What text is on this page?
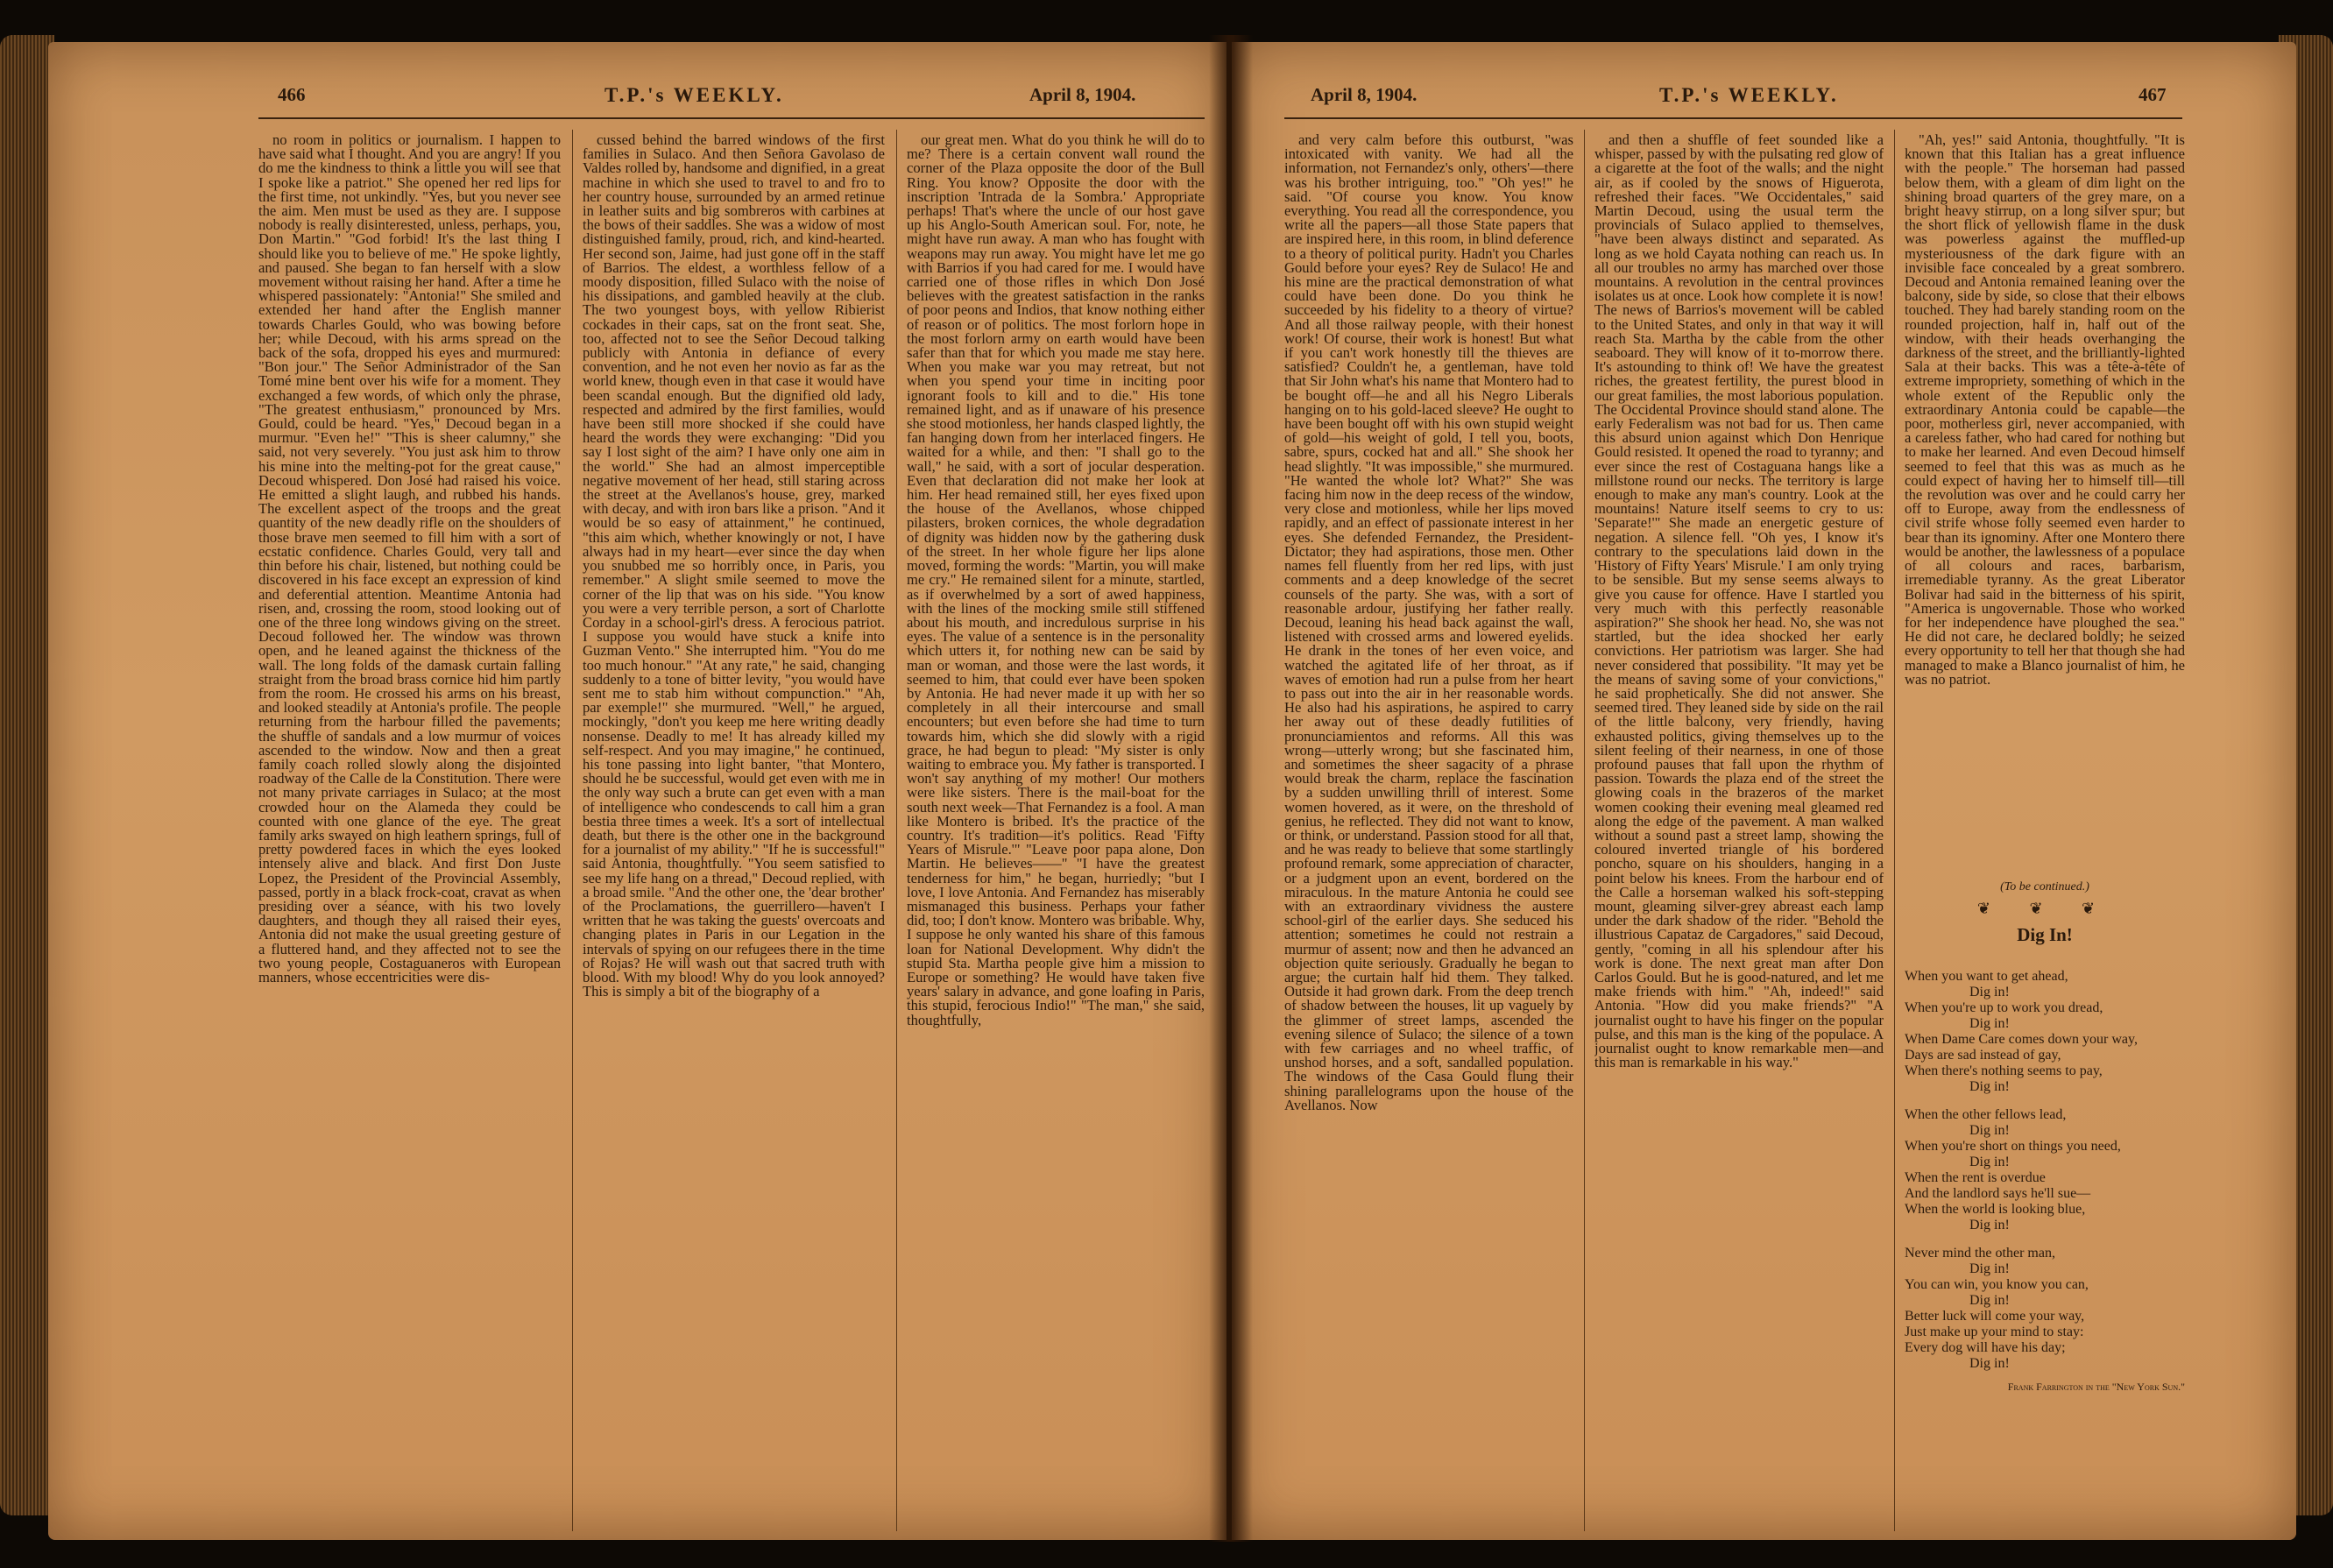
466	T.P.'s WEEKLY.	April 8, 1904.

no room in politics or journalism. I happen to have said what I thought. And you are angry! If you do me the kindness to think a little you will see that I spoke like a patriot." She opened her red lips for the first time, not unkindly. "Yes, but you never see the aim. Men must be used as they are. I suppose nobody is really disinterested, unless, perhaps, you, Don Martin." "God forbid! It's the last thing I should like you to believe of me." He spoke lightly, and paused. She began to fan herself with a slow movement without raising her hand. After a time he whispered passionately: "Antonia!" She smiled and extended her hand after the English manner towards Charles Gould, who was bowing before her; while Decoud, with his arms spread on the back of the sofa, dropped his eyes and murmured: "Bon jour." The Señor Administrador of the San Tomé mine bent over his wife for a moment. They exchanged a few words, of which only the phrase, "The greatest enthusiasm," pronounced by Mrs. Gould, could be heard. "Yes," Decoud began in a murmur. "Even he!" "This is sheer calumny," she said, not very severely. "You just ask him to throw his mine into the melting-pot for the great cause," Decoud whispered. Don José had raised his voice. He emitted a slight laugh, and rubbed his hands. The excellent aspect of the troops and the great quantity of the new deadly rifle on the shoulders of those brave men seemed to fill him with a sort of ecstatic confidence. Charles Gould, very tall and thin before his chair, listened, but nothing could be discovered in his face except an expression of kind and deferential attention. Meantime Antonia had risen, and, crossing the room, stood looking out of one of the three long windows giving on the street. Decoud followed her. The window was thrown open, and he leaned against the thickness of the wall. The long folds of the damask curtain falling straight from the broad brass cornice hid him partly from the room. He crossed his arms on his breast, and looked steadily at Antonia's profile. The people returning from the harbour filled the pavements; the shuffle of sandals and a low murmur of voices ascended to the window. Now and then a great family coach rolled slowly along the disjointed roadway of the Calle de la Constitution. There were not many private carriages in Sulaco; at the most crowded hour on the Alameda they could be counted with one glance of the eye. The great family arks swayed on high leathern springs, full of pretty powdered faces in which the eyes looked intensely alive and black. And first Don Juste Lopez, the President of the Provincial Assembly, passed, portly in a black frock-coat, cravat as when presiding over a séance, with his two lovely daughters, and though they all raised their eyes, Antonia did not make the usual greeting gesture of a fluttered hand, and they affected not to see the two young people, Costaguaneros with European manners, whose eccentricities were dis-

cussed behind the barred windows of the first families in Sulaco. And then Señora Gavolaso de Valdes rolled by, handsome and dignified, in a great machine in which she used to travel to and fro to her country house, surrounded by an armed retinue in leather suits and big sombreros with carbines at the bows of their saddles. She was a widow of most distinguished family, proud, rich, and kind-hearted. Her second son, Jaime, had just gone off in the staff of Barrios. The eldest, a worthless fellow of a moody disposition, filled Sulaco with the noise of his dissipations, and gambled heavily at the club. The two youngest boys, with yellow Ribierist cockades in their caps, sat on the front seat. She, too, affected not to see the Señor Decoud talking publicly with Antonia in defiance of every convention, and he not even her novio as far as the world knew, though even in that case it would have been scandal enough. But the dignified old lady, respected and admired by the first families, would have been still more shocked if she could have heard the words they were exchanging: "Did you say I lost sight of the aim? I have only one aim in the world." She had an almost imperceptible negative movement of her head, still staring across the street at the Avellanos's house, grey, marked with decay, and with iron bars like a prison. "And it would be so easy of attainment," he continued, "this aim which, whether knowingly or not, I have always had in my heart—ever since the day when you snubbed me so horribly once, in Paris, you remember." A slight smile seemed to move the corner of the lip that was on his side. "You know you were a very terrible person, a sort of Charlotte Corday in a school-girl's dress. A ferocious patriot. I suppose you would have stuck a knife into Guzman Vento." She interrupted him. "You do me too much honour." "At any rate," he said, changing suddenly to a tone of bitter levity, "you would have sent me to stab him without compunction." "Ah, par exemple!" she murmured. "Well," he argued, mockingly, "don't you keep me here writing deadly nonsense. Deadly to me! It has already killed my self-respect. And you may imagine," he continued, his tone passing into light banter, "that Montero, should he be successful, would get even with me in the only way such a brute can get even with a man of intelligence who condescends to call him a gran bestia three times a week. It's a sort of intellectual death, but there is the other one in the background for a journalist of my ability." "If he is successful!" said Antonia, thoughtfully. "You seem satisfied to see my life hang on a thread," Decoud replied, with a broad smile. "And the other one, the 'dear brother' of the Proclamations, the guerrillero—haven't I written that he was taking the guests' overcoats and changing plates in Paris in our Legation in the intervals of spying on our refugees there in the time of Rojas? He will wash out that sacred truth with blood. With my blood! Why do you look annoyed? This is simply a bit of the biography of a

our great men. What do you think he will do to me? There is a certain convent wall round the corner of the Plaza opposite the door of the Bull Ring. You know? Opposite the door with the inscription 'Intrada de la Sombra.' Appropriate perhaps! That's where the uncle of our host gave up his Anglo-South American soul. For, note, he might have run away. A man who has fought with weapons may run away. You might have let me go with Barrios if you had cared for me. I would have carried one of those rifles in which Don José believes with the greatest satisfaction in the ranks of poor peons and Indios, that know nothing either of reason or of politics. The most forlorn hope in the most forlorn army on earth would have been safer than that for which you made me stay here. When you make war you may retreat, but not when you spend your time in inciting poor ignorant fools to kill and to die." His tone remained light, and as if unaware of his presence she stood motionless, her hands clasped lightly, the fan hanging down from her interlaced fingers. He waited for a while, and then: "I shall go to the wall," he said, with a sort of jocular desperation. Even that declaration did not make her look at him. Her head remained still, her eyes fixed upon the house of the Avellanos, whose chipped pilasters, broken cornices, the whole degradation of dignity was hidden now by the gathering dusk of the street. In her whole figure her lips alone moved, forming the words: "Martin, you will make me cry." He remained silent for a minute, startled, as if overwhelmed by a sort of awed happiness, with the lines of the mocking smile still stiffened about his mouth, and incredulous surprise in his eyes. The value of a sentence is in the personality which utters it, for nothing new can be said by man or woman, and those were the last words, it seemed to him, that could ever have been spoken by Antonia. He had never made it up with her so completely in all their intercourse and small encounters; but even before she had time to turn towards him, which she did slowly with a rigid grace, he had begun to plead: "My sister is only waiting to embrace you. My father is transported. I won't say anything of my mother! Our mothers were like sisters. There is the mail-boat for the south next week—That Fernandez is a fool. A man like Montero is bribed. It's the practice of the country. It's tradition—it's politics. Read 'Fifty Years of Misrule.'" "Leave poor papa alone, Don Martin. He believes——" "I have the greatest tenderness for him," he began, hurriedly; "but I love, I love Antonia. And Fernandez has miserably mismanaged this business. Perhaps your father did, too; I don't know. Montero was bribable. Why, I suppose he only wanted his share of this famous loan for National Development. Why didn't the stupid Sta. Martha people give him a mission to Europe or something? He would have taken five years' salary in advance, and gone loafing in Paris, this stupid, ferocious Indio!" "The man," she said, thoughtfully,

April 8, 1904.	T.P.'s WEEKLY.	467

and very calm before this outburst, "was intoxicated with vanity. We had all the information, not Fernandez's only, others'—there was his brother intriguing, too." "Oh yes!" he said. "Of course you know. You know everything. You read all the correspondence, you write all the papers—all those State papers that are inspired here, in this room, in blind deference to a theory of political purity. Hadn't you Charles Gould before your eyes? Rey de Sulaco! He and his mine are the practical demonstration of what could have been done. Do you think he succeeded by his fidelity to a theory of virtue? And all those railway people, with their honest work! Of course, their work is honest! But what if you can't work honestly till the thieves are satisfied? Couldn't he, a gentleman, have told that Sir John what's his name that Montero had to be bought off—he and all his Negro Liberals hanging on to his gold-laced sleeve? He ought to have been bought off with his own stupid weight of gold—his weight of gold, I tell you, boots, sabre, spurs, cocked hat and all." She shook her head slightly. "It was impossible," she murmured. "He wanted the whole lot? What?" She was facing him now in the deep recess of the window, very close and motionless, while her lips moved rapidly, and an effect of passionate interest in her eyes. She defended Fernandez, the President-Dictator; they had aspirations, those men. Other names fell fluently from her red lips, with just comments and a deep knowledge of the secret counsels of the party. She was, with a sort of reasonable ardour, justifying her father really. Decoud, leaning his head back against the wall, listened with crossed arms and lowered eyelids. He drank in the tones of her even voice, and watched the agitated life of her throat, as if waves of emotion had run a pulse from her heart to pass out into the air in her reasonable words. He also had his aspirations, he aspired to carry her away out of these deadly futilities of pronunciamientos and reforms. All this was wrong—utterly wrong; but she fascinated him, and sometimes the sheer sagacity of a phrase would break the charm, replace the fascination by a sudden unwilling thrill of interest. Some women hovered, as it were, on the threshold of genius, he reflected. They did not want to know, or think, or understand. Passion stood for all that, and he was ready to believe that some startlingly profound remark, some appreciation of character, or a judgment upon an event, bordered on the miraculous. In the mature Antonia he could see with an extraordinary vividness the austere school-girl of the earlier days. She seduced his attention; sometimes he could not restrain a murmur of assent; now and then he advanced an objection quite seriously. Gradually he began to argue; the curtain half hid them. They talked. Outside it had grown dark. From the deep trench of shadow between the houses, lit up vaguely by the glimmer of street lamps, ascended the evening silence of Sulaco; the silence of a town with few carriages and no wheel traffic, of unshod horses, and a soft, sandalled population. The windows of the Casa Gould flung their shining parallelograms upon the house of the Avellanos. Now

and then a shuffle of feet sounded like a whisper, passed by with the pulsating red glow of a cigarette at the foot of the walls; and the night air, as if cooled by the snows of Higuerota, refreshed their faces. "We Occidentales," said Martin Decoud, using the usual term the provincials of Sulaco applied to themselves, "have been always distinct and separated. As long as we hold Cayata nothing can reach us. In all our troubles no army has marched over those mountains. A revolution in the central provinces isolates us at once. Look how complete it is now! The news of Barrios's movement will be cabled to the United States, and only in that way it will reach Sta. Martha by the cable from the other seaboard. They will know of it to-morrow there. It's astounding to think of! We have the greatest riches, the greatest fertility, the purest blood in our great families, the most laborious population. The Occidental Province should stand alone. The early Federalism was not bad for us. Then came this absurd union against which Don Henrique Gould resisted. It opened the road to tyranny; and ever since the rest of Costaguana hangs like a millstone round our necks. The territory is large enough to make any man's country. Look at the mountains! Nature itself seems to cry to us: 'Separate!'" She made an energetic gesture of negation. A silence fell. "Oh yes, I know it's contrary to the speculations laid down in the 'History of Fifty Years' Misrule.' I am only trying to be sensible. But my sense seems always to give you cause for offence. Have I startled you very much with this perfectly reasonable aspiration?" She shook her head. No, she was not startled, but the idea shocked her early convictions. Her patriotism was larger. She had never considered that possibility. "It may yet be the means of saving some of your convictions," he said prophetically. She did not answer. She seemed tired. They leaned side by side on the rail of the little balcony, very friendly, having exhausted politics, giving themselves up to the silent feeling of their nearness, in one of those profound pauses that fall upon the rhythm of passion. Towards the plaza end of the street the glowing coals in the brazeros of the market women cooking their evening meal gleamed red along the edge of the pavement. A man walked without a sound past a street lamp, showing the coloured inverted triangle of his bordered poncho, square on his shoulders, hanging in a point below his knees. From the harbour end of the Calle a horseman walked his soft-stepping mount, gleaming silver-grey abreast each lamp under the dark shadow of the rider. "Behold the illustrious Capataz de Cargadores," said Decoud, gently, "coming in all his splendour after his work is done. The next great man after Don Carlos Gould. But he is good-natured, and let me make friends with him." "Ah, indeed!" said Antonia. "How did you make friends?" "A journalist ought to have his finger on the popular pulse, and this man is the king of the populace. A journalist ought to know remarkable men—and this man is remarkable in his way."

"Ah, yes!" said Antonia, thoughtfully. "It is known that this Italian has a great influence with the people." The horseman had passed below them, with a gleam of dim light on the shining broad quarters of the grey mare, on a bright heavy stirrup, on a long silver spur; but the short flick of yellowish flame in the dusk was powerless against the muffled-up mysteriousness of the dark figure with an invisible face concealed by a great sombrero. Decoud and Antonia remained leaning over the balcony, side by side, so close that their elbows touched. They had barely standing room on the rounded projection, half in, half out of the window, with their heads overhanging the darkness of the street, and the brilliantly-lighted Sala at their backs. This was a tête-à-tête of extreme impropriety, something of which in the whole extent of the Republic only the extraordinary Antonia could be capable—the poor, motherless girl, never accompanied, with a careless father, who had cared for nothing but to make her learned. And even Decoud himself seemed to feel that this was as much as he could expect of having her to himself till—till the revolution was over and he could carry her off to Europe, away from the endlessness of civil strife whose folly seemed even harder to bear than its ignominy. After one Montero there would be another, the lawlessness of a populace of all colours and races, barbarism, irremediable tyranny. As the great Liberator Bolivar had said in the bitterness of his spirit, "America is ungovernable. Those who worked for her independence have ploughed the sea." He did not care, he declared boldly; he seized every opportunity to tell her that though she had managed to make a Blanco journalist of him, he was no patriot.

(To be continued.)
❦ ❦ ❦
Dig In!

When you want to get ahead,

Dig in!

When you're up to work you dread,

Dig in!

When Dame Care comes down your way,

Days are sad instead of gay,

When there's nothing seems to pay,

Dig in!

When the other fellows lead,

Dig in!

When you're short on things you need,

Dig in!

When the rent is overdue

And the landlord says he'll sue—

When the world is looking blue,

Dig in!

Never mind the other man,

Dig in!

You can win, you know you can,

Dig in!

Better luck will come your way,

Just make up your mind to stay:

Every dog will have his day;

Dig in!

Frank Farrington in the "New York Sun."
